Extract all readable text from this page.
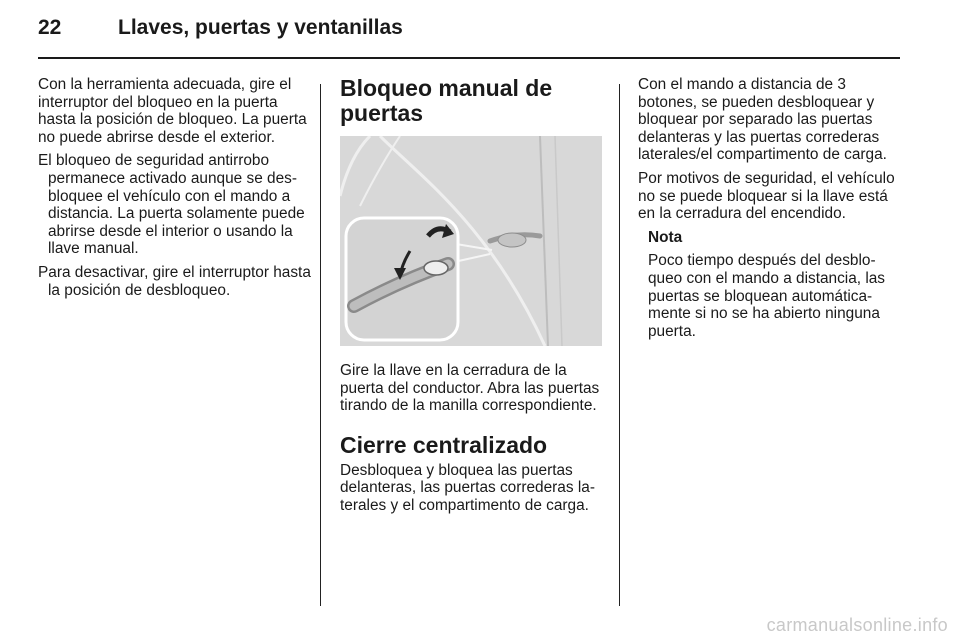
22	Llaves, puertas y ventanillas

Con la herramienta adecuada, gire el interruptor del bloqueo en la puerta hasta la posición de bloqueo. La puerta no puede abrirse desde el exterior.

El bloqueo de seguridad antirrobo permanece activado aunque se desbloquee el vehículo con el mando a distancia. La puerta solamente puede abrirse desde el interior o usando la llave manual.

Para desactivar, gire el interruptor hasta la posición de desbloqueo.

Bloqueo manual de puertas

Gire la llave en la cerradura de la puerta del conductor. Abra las puertas tirando de la manilla correspondiente.

Cierre centralizado

Desbloquea y bloquea las puertas delanteras, las puertas correderas laterales y el compartimento de carga.

Con el mando a distancia de 3 botones, se pueden desbloquear y bloquear por separado las puertas delanteras y las puertas correderas laterales/el compartimento de carga.

Por motivos de seguridad, el vehículo no se puede bloquear si la llave está en la cerradura del encendido.

Nota

Poco tiempo después del desbloqueo con el mando a distancia, las puertas se bloquean automáticamente si no se ha abierto ninguna puerta.

carmanualsonline.info
